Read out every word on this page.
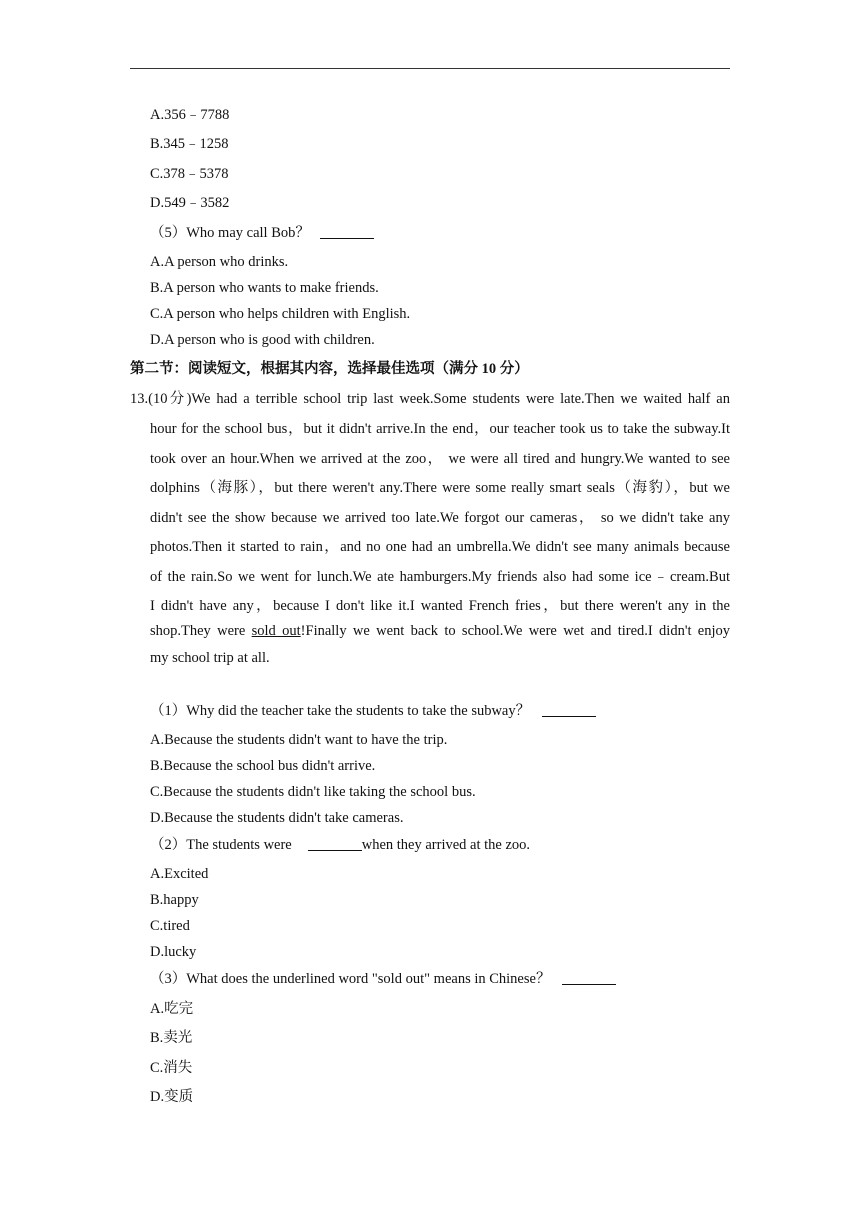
A.356﹣7788
B.345﹣1258
C.378﹣5378
D.549﹣3582
（5）Who may call Bob？
A.A person who drinks.
B.A person who wants to make friends.
C.A person who helps children with English.
D.A person who is good with children.
第二节：阅读短文，根据其内容，选择最佳选项（满分 10 分）
13.(10分)We had a terrible school trip last week.Some students were late.Then we waited half an
hour for the school bus，but it didn't arrive.In the end，our teacher took us to take the subway.It
took over an hour.When we arrived at the zoo， we were all tired and hungry.We wanted to see
dolphins（海豚），but there weren't any.There were some really smart seals（海豹），but we
didn't see the show because we arrived too late.We forgot our cameras， so we didn't take any
photos.Then it started to rain，and no one had an umbrella.We didn't see many animals because
of the rain.So we went for lunch.We ate hamburgers.My friends also had some ice﹣cream.But
I didn't have any，because I don't like it.I wanted French fries，but there weren't any in the
shop.They were sold out!Finally we went back to school.We were wet and tired.I didn't enjoy
my school trip at all.
（1）Why did the teacher take the students to take the subway？
A.Because the students didn't want to have the trip.
B.Because the school bus didn't arrive.
C.Because the students didn't like taking the school bus.
D.Because the students didn't take cameras.
（2）The students were	when they arrived at the zoo.
A.Excited
B.happy
C.tired
D.lucky
（3）What does the underlined word "sold out" means in Chinese？
A.吃完
B.卖光
C.消失
D.变质
